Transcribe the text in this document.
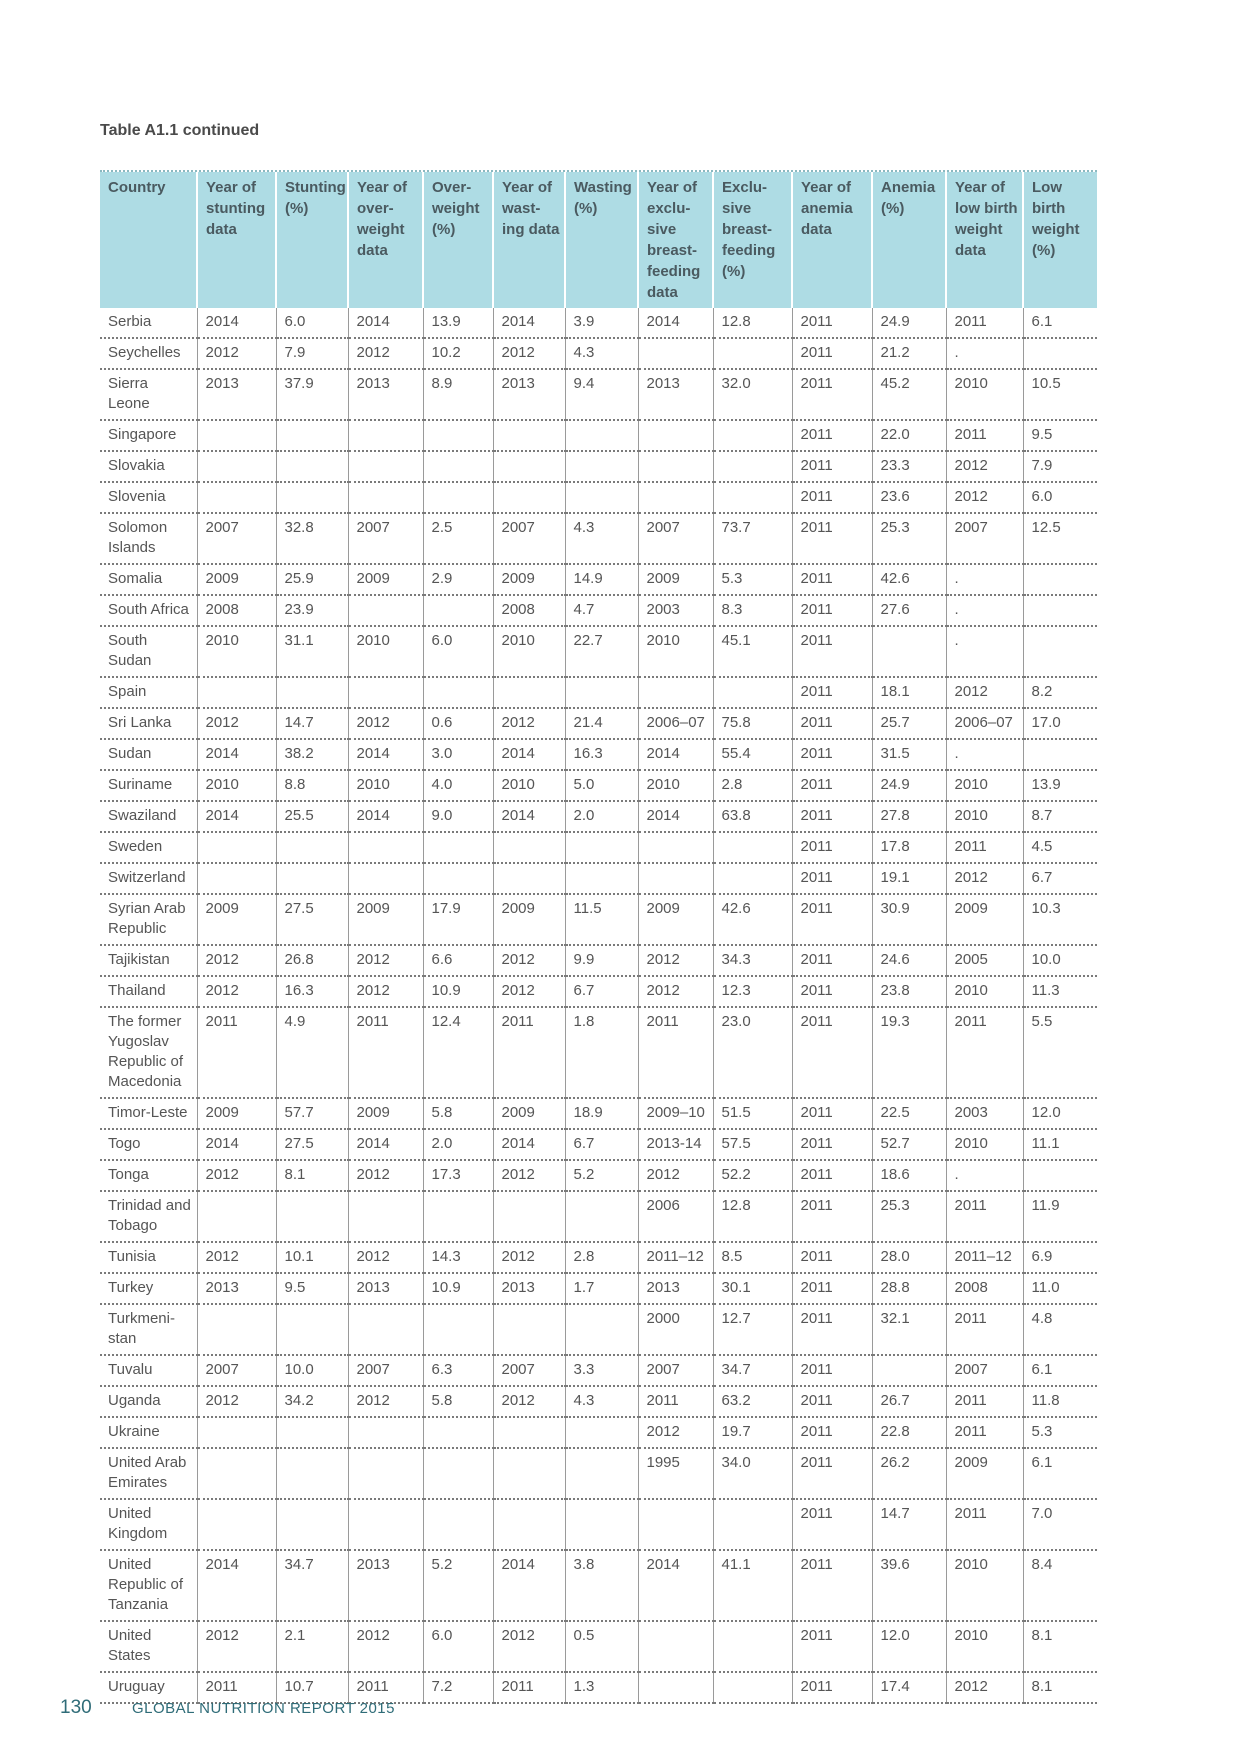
Table A1.1 continued
Country	Year of stunting data	Stunting (%)	Year of over-weight data	Over-weight (%)	Year of wast-ing data	Wasting (%)	Year of exclu-sive breast-feeding data	Exclu-sive breast-feeding (%)	Year of anemia data	Anemia (%)	Year of low birth weight data	Low birth weight (%)
Serbia	2014	6.0	2014	13.9	2014	3.9	2014	12.8	2011	24.9	2011	6.1
Seychelles	2012	7.9	2012	10.2	2012	4.3			2011	21.2	.	
Sierra Leone	2013	37.9	2013	8.9	2013	9.4	2013	32.0	2011	45.2	2010	10.5
Singapore									2011	22.0	2011	9.5
Slovakia									2011	23.3	2012	7.9
Slovenia									2011	23.6	2012	6.0
Solomon Islands	2007	32.8	2007	2.5	2007	4.3	2007	73.7	2011	25.3	2007	12.5
Somalia	2009	25.9	2009	2.9	2009	14.9	2009	5.3	2011	42.6	.	
South Africa	2008	23.9			2008	4.7	2003	8.3	2011	27.6	.	
South Sudan	2010	31.1	2010	6.0	2010	22.7	2010	45.1	2011		.	
Spain									2011	18.1	2012	8.2
Sri Lanka	2012	14.7	2012	0.6	2012	21.4	2006–07	75.8	2011	25.7	2006–07	17.0
Sudan	2014	38.2	2014	3.0	2014	16.3	2014	55.4	2011	31.5	.	
Suriname	2010	8.8	2010	4.0	2010	5.0	2010	2.8	2011	24.9	2010	13.9
Swaziland	2014	25.5	2014	9.0	2014	2.0	2014	63.8	2011	27.8	2010	8.7
Sweden									2011	17.8	2011	4.5
Switzerland									2011	19.1	2012	6.7
Syrian Arab Republic	2009	27.5	2009	17.9	2009	11.5	2009	42.6	2011	30.9	2009	10.3
Tajikistan	2012	26.8	2012	6.6	2012	9.9	2012	34.3	2011	24.6	2005	10.0
Thailand	2012	16.3	2012	10.9	2012	6.7	2012	12.3	2011	23.8	2010	11.3
The former Yugoslav Republic of Macedonia	2011	4.9	2011	12.4	2011	1.8	2011	23.0	2011	19.3	2011	5.5
Timor-Leste	2009	57.7	2009	5.8	2009	18.9	2009–10	51.5	2011	22.5	2003	12.0
Togo	2014	27.5	2014	2.0	2014	6.7	2013-14	57.5	2011	52.7	2010	11.1
Tonga	2012	8.1	2012	17.3	2012	5.2	2012	52.2	2011	18.6	.	
Trinidad and Tobago							2006	12.8	2011	25.3	2011	11.9
Tunisia	2012	10.1	2012	14.3	2012	2.8	2011–12	8.5	2011	28.0	2011–12	6.9
Turkey	2013	9.5	2013	10.9	2013	1.7	2013	30.1	2011	28.8	2008	11.0
Turkmeni-stan							2000	12.7	2011	32.1	2011	4.8
Tuvalu	2007	10.0	2007	6.3	2007	3.3	2007	34.7	2011		2007	6.1
Uganda	2012	34.2	2012	5.8	2012	4.3	2011	63.2	2011	26.7	2011	11.8
Ukraine							2012	19.7	2011	22.8	2011	5.3
United Arab Emirates							1995	34.0	2011	26.2	2009	6.1
United Kingdom									2011	14.7	2011	7.0
United Republic of Tanzania	2014	34.7	2013	5.2	2014	3.8	2014	41.1	2011	39.6	2010	8.4
United States	2012	2.1	2012	6.0	2012	0.5			2011	12.0	2010	8.1
Uruguay	2011	10.7	2011	7.2	2011	1.3			2011	17.4	2012	8.1
130	GLOBAL NUTRITION REPORT 2015
